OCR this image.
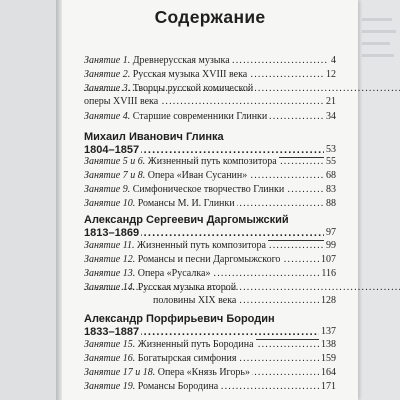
Содержание
Занятие 1. Древнерусская музыка .....	4
Занятие 2. Русская музыка XVIII века .....	12
Занятие 3. Творцы русской комической .....
оперы XVIII века .....	21
Занятие 4. Старшие современники Глинки .....	34
Михаил Иванович Глинка
1804–1857 .....	53
Занятие 5 и 6. Жизненный путь композитора .....	55
Занятие 7 и 8. Опера «Иван Сусанин» .....	68
Занятие 9. Симфоническое творчество Глинки .....	83
Занятие 10. Романсы М. И. Глинки .....	88
Александр Сергеевич Даргомыжский
1813–1869 .....	97
Занятие 11. Жизненный путь композитора .....	99
Занятие 12. Романсы и песни Даргомыжского .....	107
Занятие 13. Опера «Русалка» .....	116
Занятие 14. Русская музыка второй .....
половины XIX века .....	128
Александр Порфирьевич Бородин
1833–1887 .....	137
Занятие 15. Жизненный путь Бородина .....	138
Занятие 16. Богатырская симфония .....	159
Занятие 17 и 18. Опера «Князь Игорь» .....	164
Занятие 19. Романсы Бородина .....	171
